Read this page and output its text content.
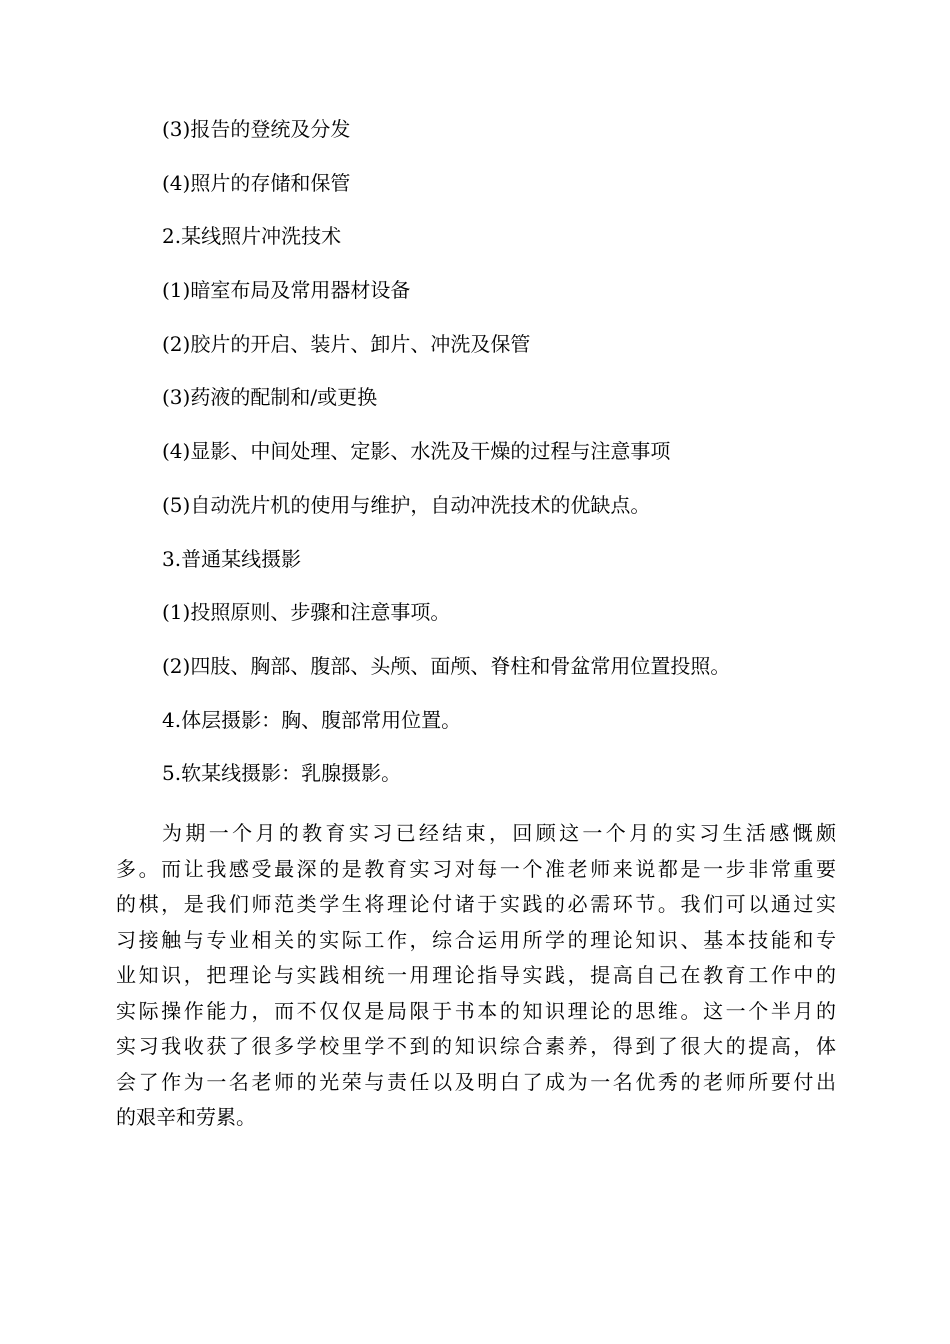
(3)报告的登统及分发
(4)照片的存储和保管
2.某线照片冲洗技术
(1)暗室布局及常用器材设备
(2)胶片的开启、装片、卸片、冲洗及保管
(3)药液的配制和/或更换
(4)显影、中间处理、定影、水洗及干燥的过程与注意事项
(5)自动洗片机的使用与维护，自动冲洗技术的优缺点。
3.普通某线摄影
(1)投照原则、步骤和注意事项。
(2)四肢、胸部、腹部、头颅、面颅、脊柱和骨盆常用位置投照。
4.体层摄影：胸、腹部常用位置。
5.软某线摄影：乳腺摄影。
为期一个月的教育实习已经结束，回顾这一个月的实习生活感慨颇
多。而让我感受最深的是教育实习对每一个准老师来说都是一步非常重要
的棋，是我们师范类学生将理论付诸于实践的必需环节。我们可以通过实
习接触与专业相关的实际工作，综合运用所学的理论知识、基本技能和专
业知识，把理论与实践相统一用理论指导实践，提高自己在教育工作中的
实际操作能力，而不仅仅是局限于书本的知识理论的思维。这一个半月的
实习我收获了很多学校里学不到的知识综合素养，得到了很大的提高，体
会了作为一名老师的光荣与责任以及明白了成为一名优秀的老师所要付出
的艰辛和劳累。
